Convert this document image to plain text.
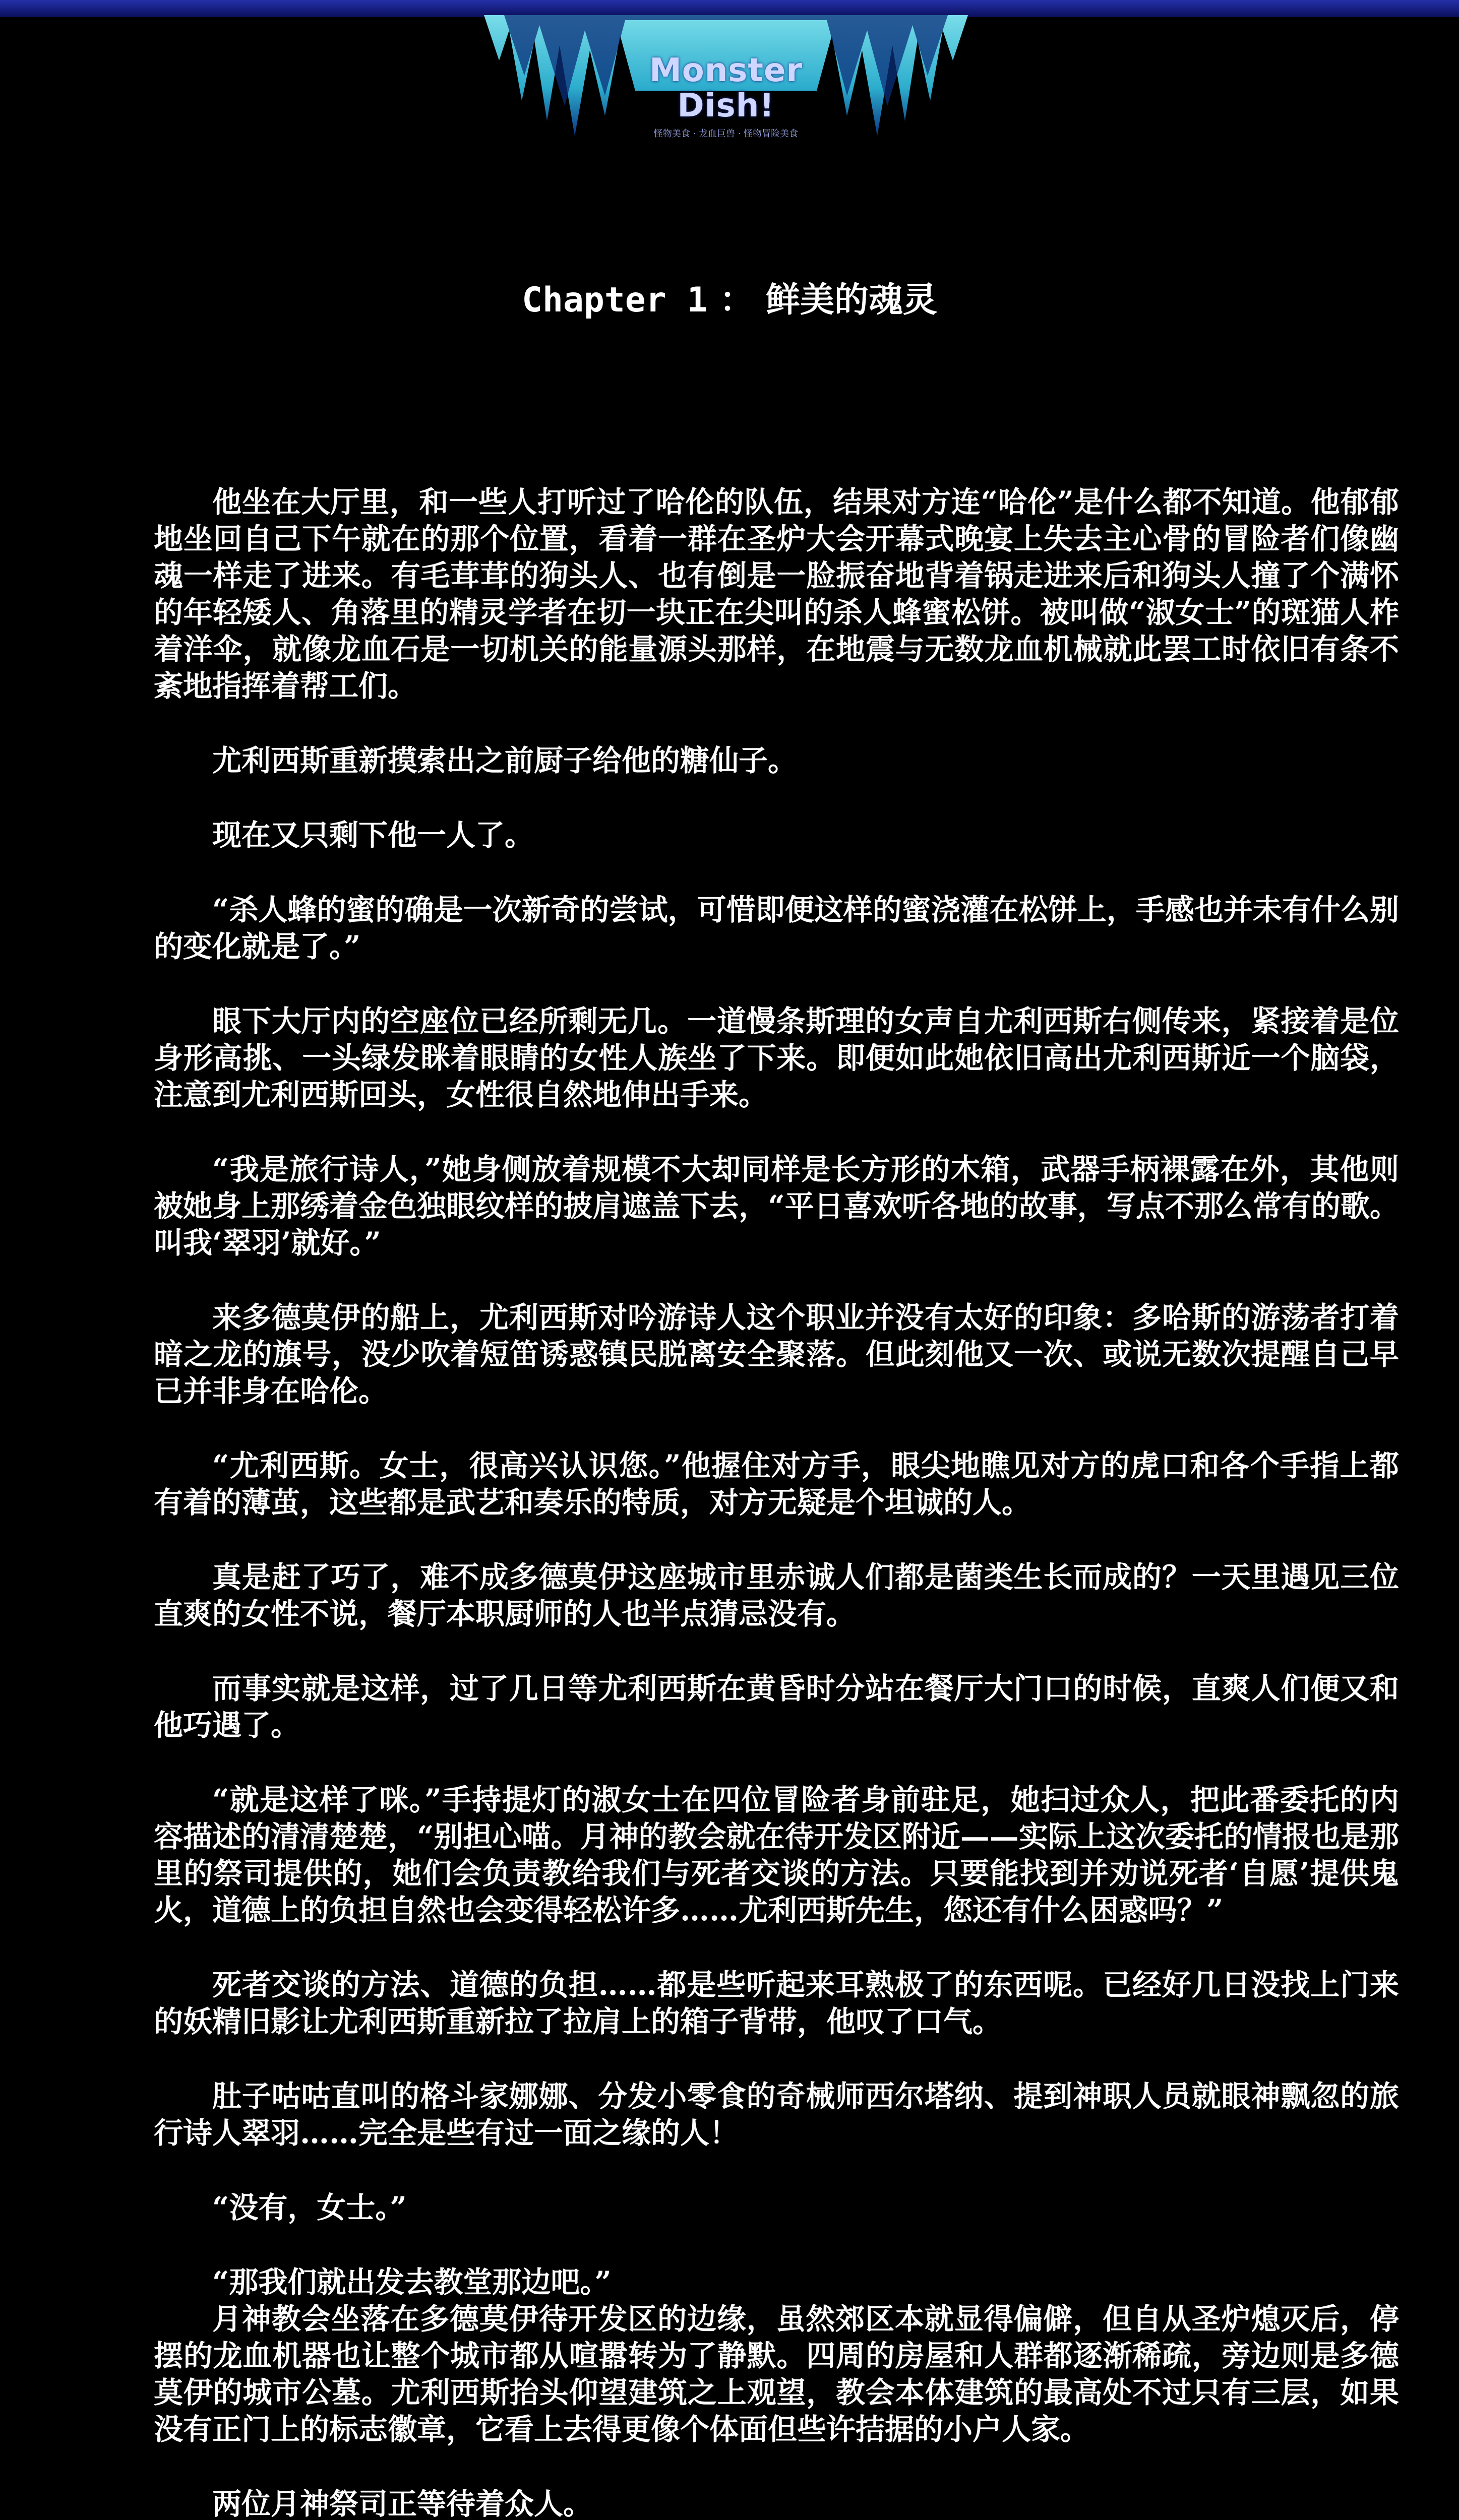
Monster Dish!
怪物美食 · 龙血巨兽 · 怪物冒险美食
Chapter 1 ： 鲜美的魂灵

他坐在大厅里，和一些人打听过了哈伦的队伍，结果对方连“哈伦”是什么都不知道。他郁郁地坐回自己下午就在的那个位置，看着一群在圣炉大会开幕式晚宴上失去主心骨的冒险者们像幽魂一样走了进来。有毛茸茸的狗头人、也有倒是一脸振奋地背着锅走进来后和狗头人撞了个满怀的年轻矮人、角落里的精灵学者在切一块正在尖叫的杀人蜂蜜松饼。被叫做“淑女士”的斑猫人柞着洋伞，就像龙血石是一切机关的能量源头那样，在地震与无数龙血机械就此罢工时依旧有条不紊地指挥着帮工们。

尤利西斯重新摸索出之前厨子给他的糖仙子。

现在又只剩下他一人了。

“杀人蜂的蜜的确是一次新奇的尝试，可惜即便这样的蜜浇灌在松饼上，手感也并未有什么别的变化就是了。”

眼下大厅内的空座位已经所剩无几。一道慢条斯理的女声自尤利西斯右侧传来，紧接着是位身形高挑、一头绿发眯着眼睛的女性人族坐了下来。即便如此她依旧高出尤利西斯近一个脑袋，注意到尤利西斯回头，女性很自然地伸出手来。

“我是旅行诗人，”她身侧放着规模不大却同样是长方形的木箱，武器手柄裸露在外，其他则被她身上那绣着金色独眼纹样的披肩遮盖下去，“平日喜欢听各地的故事，写点不那么常有的歌。叫我‘翠羽’就好。”

来多德莫伊的船上，尤利西斯对吟游诗人这个职业并没有太好的印象：多哈斯的游荡者打着暗之龙的旗号，没少吹着短笛诱惑镇民脱离安全聚落。但此刻他又一次、或说无数次提醒自己早已并非身在哈伦。

“尤利西斯。女士，很高兴认识您。”他握住对方手，眼尖地瞧见对方的虎口和各个手指上都有着的薄茧，这些都是武艺和奏乐的特质，对方无疑是个坦诚的人。

真是赶了巧了，难不成多德莫伊这座城市里赤诚人们都是菌类生长而成的？一天里遇见三位直爽的女性不说，餐厅本职厨师的人也半点猜忌没有。

而事实就是这样，过了几日等尤利西斯在黄昏时分站在餐厅大门口的时候，直爽人们便又和他巧遇了。

“就是这样了咪。”手持提灯的淑女士在四位冒险者身前驻足，她扫过众人，把此番委托的内容描述的清清楚楚，“别担心喵。月神的教会就在待开发区附近——实际上这次委托的情报也是那里的祭司提供的，她们会负责教给我们与死者交谈的方法。只要能找到并劝说死者‘自愿’提供鬼火，道德上的负担自然也会变得轻松许多……尤利西斯先生，您还有什么困惑吗？”

死者交谈的方法、道德的负担……都是些听起来耳熟极了的东西呢。已经好几日没找上门来的妖精旧影让尤利西斯重新拉了拉肩上的箱子背带，他叹了口气。

肚子咕咕直叫的格斗家娜娜、分发小零食的奇械师西尔塔纳、提到神职人员就眼神飘忽的旅行诗人翠羽……完全是些有过一面之缘的人！

“没有，女士。”

“那我们就出发去教堂那边吧。”

月神教会坐落在多德莫伊待开发区的边缘，虽然郊区本就显得偏僻，但自从圣炉熄灭后，停摆的龙血机器也让整个城市都从喧嚣转为了静默。四周的房屋和人群都逐渐稀疏，旁边则是多德莫伊的城市公墓。尤利西斯抬头仰望建筑之上观望，教会本体建筑的最高处不过只有三层，如果没有正门上的标志徽章，它看上去得更像个体面但些许拮据的小户人家。

两位月神祭司正等待着众人。
